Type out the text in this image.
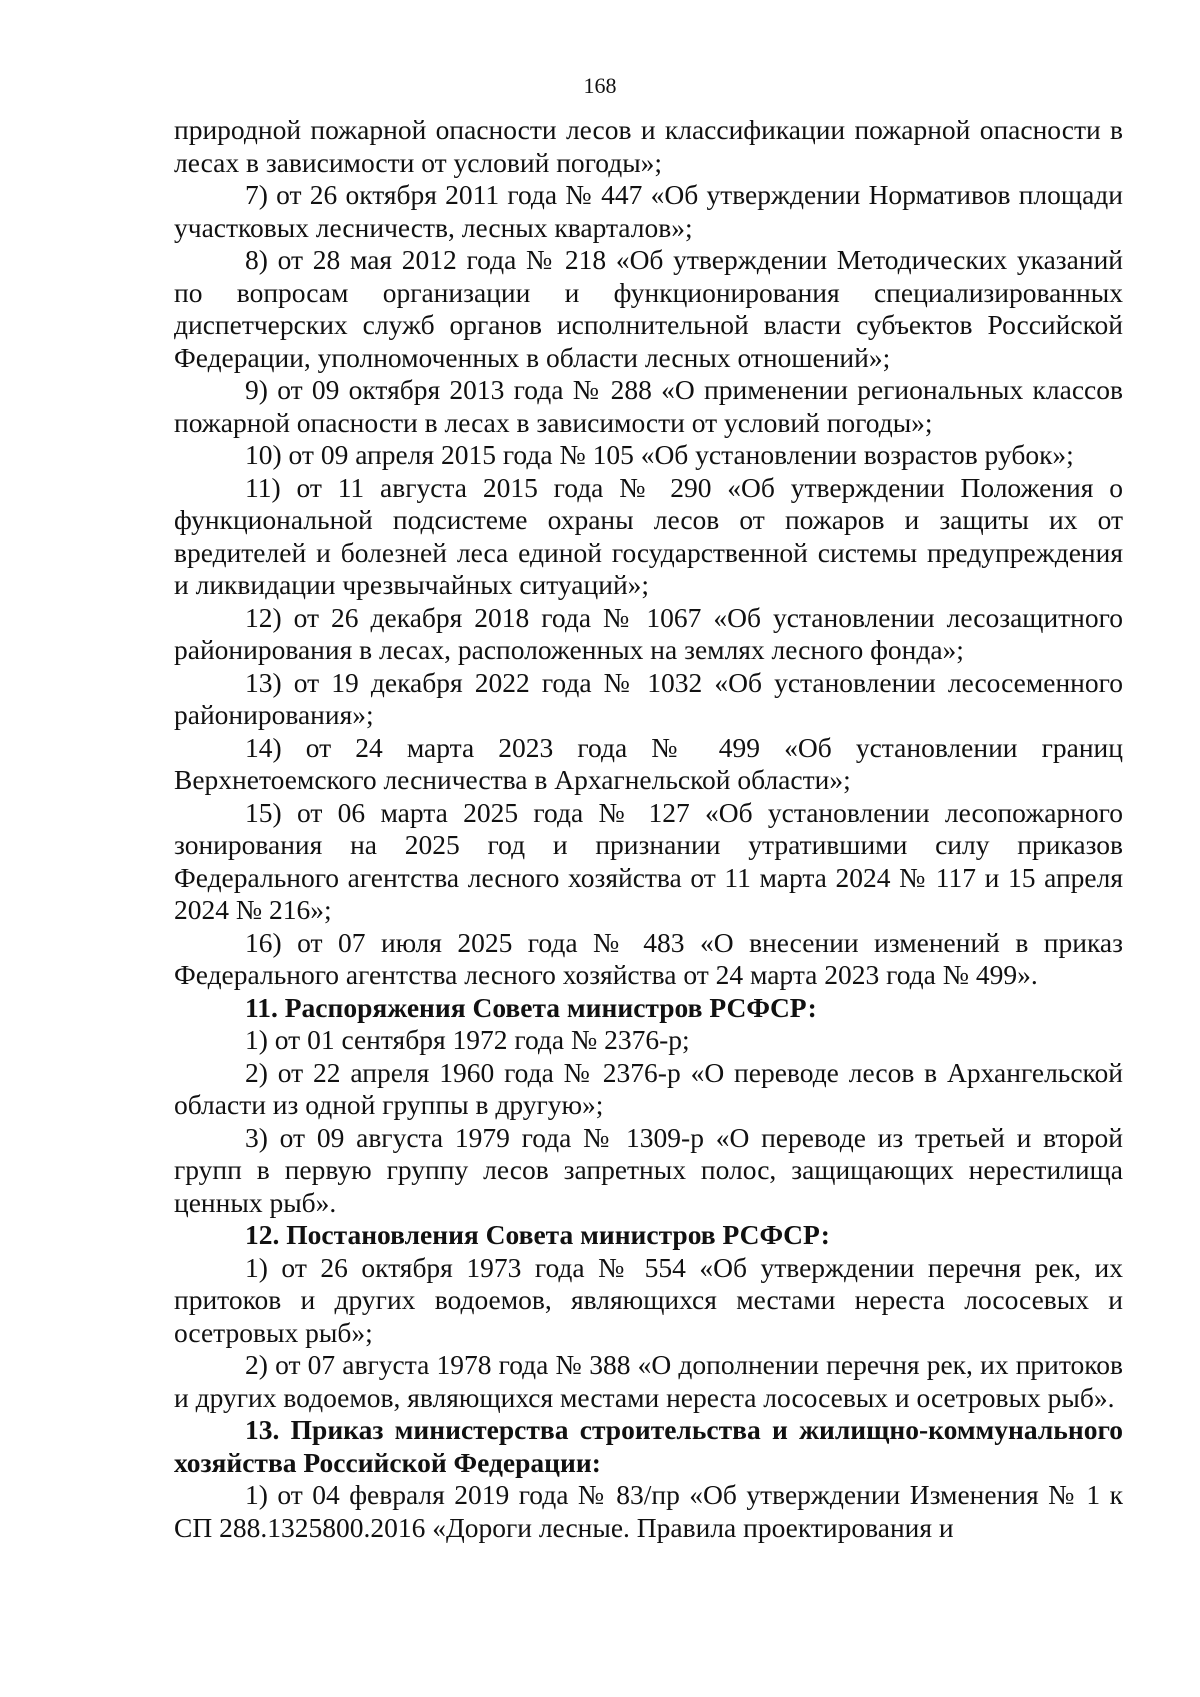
168

природной пожарной опасности лесов и классификации пожарной опасности в лесах в зависимости от условий погоды»;

7) от 26 октября 2011 года № 447 «Об утверждении Нормативов площади участковых лесничеств, лесных кварталов»;

8) от 28 мая 2012 года № 218 «Об утверждении Методических указаний по вопросам организации и функционирования специализированных диспетчерских служб органов исполнительной власти субъектов Российской Федерации, уполномоченных в области лесных отношений»;

9) от 09 октября 2013 года № 288 «О применении региональных классов пожарной опасности в лесах в зависимости от условий погоды»;

10) от 09 апреля 2015 года № 105 «Об установлении возрастов рубок»;

11) от 11 августа 2015 года № 290 «Об утверждении Положения о функциональной подсистеме охраны лесов от пожаров и защиты их от вредителей и болезней леса единой государственной системы предупреждения и ликвидации чрезвычайных ситуаций»;

12) от 26 декабря 2018 года № 1067 «Об установлении лесозащитного районирования в лесах, расположенных на землях лесного фонда»;

13) от 19 декабря 2022 года № 1032 «Об установлении лесосеменного районирования»;

14) от 24 марта 2023 года № 499 «Об установлении границ Верхнетоемского лесничества в Архагнельской области»;

15) от 06 марта 2025 года № 127 «Об установлении лесопожарного зонирования на 2025 год и признании утратившими силу приказов Федерального агентства лесного хозяйства от 11 марта 2024 № 117 и 15 апреля 2024 № 216»;

16) от 07 июля 2025 года № 483 «О внесении изменений в приказ Федерального агентства лесного хозяйства от 24 марта 2023 года № 499».

11. Распоряжения Совета министров РСФСР:

1) от 01 сентября 1972 года № 2376-р;

2) от 22 апреля 1960 года № 2376-р «О переводе лесов в Архангельской области из одной группы в другую»;

3) от 09 августа 1979 года № 1309-р «О переводе из третьей и второй групп в первую группу лесов запретных полос, защищающих нерестилища ценных рыб».

12. Постановления Совета министров РСФСР:

1) от 26 октября 1973 года № 554 «Об утверждении перечня рек, их притоков и других водоемов, являющихся местами нереста лососевых и осетровых рыб»;

2) от 07 августа 1978 года № 388 «О дополнении перечня рек, их притоков и других водоемов, являющихся местами нереста лососевых и осетровых рыб».

13. Приказ министерства строительства и жилищно-коммунального хозяйства Российской Федерации:

1) от 04 февраля 2019 года № 83/пр «Об утверждении Изменения № 1 к СП 288.1325800.2016 «Дороги лесные. Правила проектирования и
